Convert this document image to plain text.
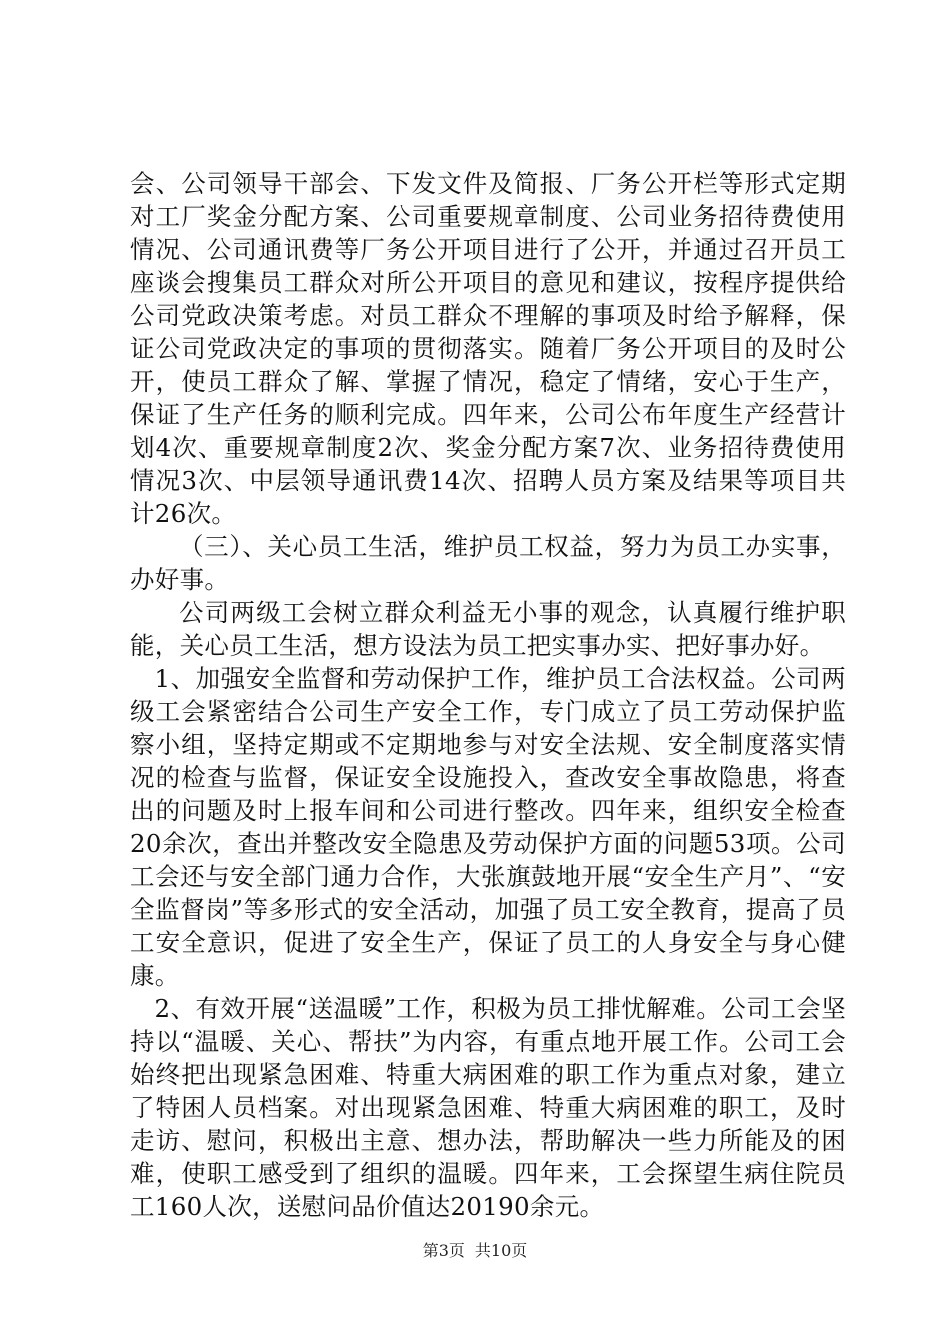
会、公司领导干部会、下发文件及简报、厂务公开栏等形式定期对工厂奖金分配方案、公司重要规章制度、公司业务招待费使用情况、公司通讯费等厂务公开项目进行了公开，并通过召开员工座谈会搜集员工群众对所公开项目的意见和建议，按程序提供给公司党政决策考虑。对员工群众不理解的事项及时给予解释，保证公司党政决定的事项的贯彻落实。随着厂务公开项目的及时公开，使员工群众了解、掌握了情况，稳定了情绪，安心于生产，保证了生产任务的顺利完成。四年来，公司公布年度生产经营计划4次、重要规章制度2次、奖金分配方案7次、业务招待费使用情况3次、中层领导通讯费14次、招聘人员方案及结果等项目共计26次。

（三）、关心员工生活，维护员工权益，努力为员工办实事，办好事。

公司两级工会树立群众利益无小事的观念，认真履行维护职能，关心员工生活，想方设法为员工把实事办实、把好事办好。

1、加强安全监督和劳动保护工作，维护员工合法权益。公司两级工会紧密结合公司生产安全工作，专门成立了员工劳动保护监察小组，坚持定期或不定期地参与对安全法规、安全制度落实情况的检查与监督，保证安全设施投入，查改安全事故隐患，将查出的问题及时上报车间和公司进行整改。四年来，组织安全检查20余次，查出并整改安全隐患及劳动保护方面的问题53项。公司工会还与安全部门通力合作，大张旗鼓地开展“安全生产月”、“安全监督岗”等多形式的安全活动，加强了员工安全教育，提高了员工安全意识，促进了安全生产，保证了员工的人身安全与身心健康。

2、有效开展“送温暖”工作，积极为员工排忧解难。公司工会坚持以“温暖、关心、帮扶”为内容，有重点地开展工作。公司工会始终把出现紧急困难、特重大病困难的职工作为重点对象，建立了特困人员档案。对出现紧急困难、特重大病困难的职工，及时走访、慰问，积极出主意、想办法，帮助解决一些力所能及的困难，使职工感受到了组织的温暖。四年来，工会探望生病住院员工160人次，送慰问品价值达20190余元。

第3页 共10页
